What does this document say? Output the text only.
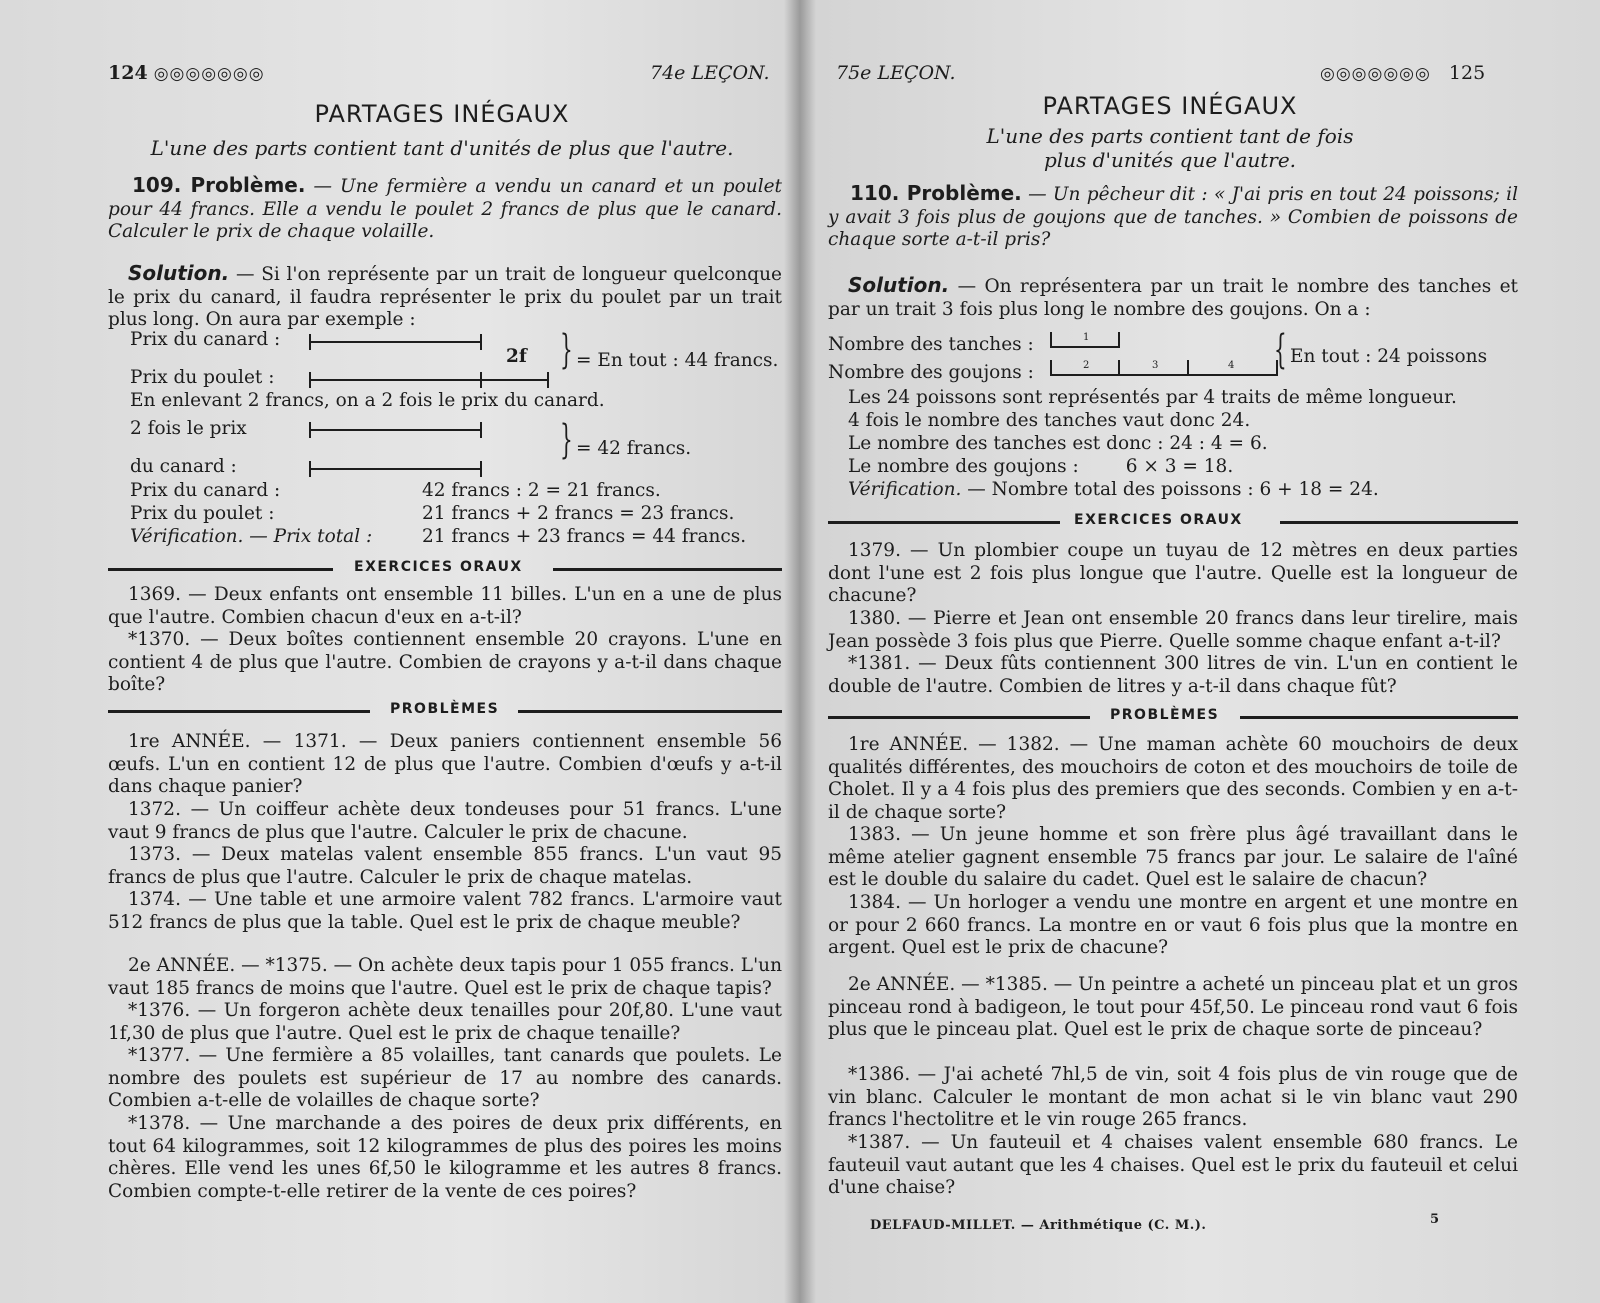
124 ◎◎◎◎◎◎◎	74e LEÇON.
PARTAGES INÉGAUX
L'une des parts contient tant d'unités de plus que l'autre.
109. Problème. — Une fermière a vendu un canard et un poulet pour 44 francs. Elle a vendu le poulet 2 francs de plus que le canard. Calculer le prix de chaque volaille.
Solution. — Si l'on représente par un trait de longueur quelconque le prix du canard, il faudra représenter le prix du poulet par un trait plus long. On aura par exemple :
Prix du canard :
2f } = En tout : 44 francs.
Prix du poulet :
En enlevant 2 francs, on a 2 fois le prix du canard.
2 fois le prix	} = 42 francs.
du canard :
Prix du canard :	42 francs : 2 = 21 francs.
Prix du poulet :	21 francs + 2 francs = 23 francs.
Vérification. — Prix total :	21 francs + 23 francs = 44 francs.
EXERCICES ORAUX
1369. — Deux enfants ont ensemble 11 billes. L'un en a une de plus que l'autre. Combien chacun d'eux en a-t-il?
*1370. — Deux boîtes contiennent ensemble 20 crayons. L'une en contient 4 de plus que l'autre. Combien de crayons y a-t-il dans chaque boîte?
PROBLÈMES
1re ANNÉE. — 1371. — Deux paniers contiennent ensemble 56 œufs. L'un en contient 12 de plus que l'autre. Combien d'œufs y a-t-il dans chaque panier?
1372. — Un coiffeur achète deux tondeuses pour 51 francs. L'une vaut 9 francs de plus que l'autre. Calculer le prix de chacune.
1373. — Deux matelas valent ensemble 855 francs. L'un vaut 95 francs de plus que l'autre. Calculer le prix de chaque matelas.
1374. — Une table et une armoire valent 782 francs. L'armoire vaut 512 francs de plus que la table. Quel est le prix de chaque meuble?
2e ANNÉE. — *1375. — On achète deux tapis pour 1 055 francs. L'un vaut 185 francs de moins que l'autre. Quel est le prix de chaque tapis?
*1376. — Un forgeron achète deux tenailles pour 20f,80. L'une vaut 1f,30 de plus que l'autre. Quel est le prix de chaque tenaille?
*1377. — Une fermière a 85 volailles, tant canards que poulets. Le nombre des poulets est supérieur de 17 au nombre des canards. Combien a-t-elle de volailles de chaque sorte?
*1378. — Une marchande a des poires de deux prix différents, en tout 64 kilogrammes, soit 12 kilogrammes de plus des poires les moins chères. Elle vend les unes 6f,50 le kilogramme et les autres 8 francs. Combien compte-t-elle retirer de la vente de ces poires?
75e LEÇON.	◎◎◎◎◎◎◎ 125
PARTAGES INÉGAUX
L'une des parts contient tant de fois
plus d'unités que l'autre.
110. Problème. — Un pêcheur dit : « J'ai pris en tout 24 poissons; il y avait 3 fois plus de goujons que de tanches. » Combien de poissons de chaque sorte a-t-il pris?
Solution. — On représentera par un trait le nombre des tanches et par un trait 3 fois plus long le nombre des goujons. On a :
Nombre des tanches :	1
Nombre des goujons :	2	3	4 { En tout : 24 poissons
Les 24 poissons sont représentés par 4 traits de même longueur.
4 fois le nombre des tanches vaut donc 24.
Le nombre des tanches est donc : 24 : 4 = 6.
Le nombre des goujons :        6 × 3 = 18.
Vérification. — Nombre total des poissons : 6 + 18 = 24.
EXERCICES ORAUX
1379. — Un plombier coupe un tuyau de 12 mètres en deux parties dont l'une est 2 fois plus longue que l'autre. Quelle est la longueur de chacune?
1380. — Pierre et Jean ont ensemble 20 francs dans leur tirelire, mais Jean possède 3 fois plus que Pierre. Quelle somme chaque enfant a-t-il?
*1381. — Deux fûts contiennent 300 litres de vin. L'un en contient le double de l'autre. Combien de litres y a-t-il dans chaque fût?
PROBLÈMES
1re ANNÉE. — 1382. — Une maman achète 60 mouchoirs de deux qualités différentes, des mouchoirs de coton et des mouchoirs de toile de Cholet. Il y a 4 fois plus des premiers que des seconds. Combien y en a-t-il de chaque sorte?
1383. — Un jeune homme et son frère plus âgé travaillant dans le même atelier gagnent ensemble 75 francs par jour. Le salaire de l'aîné est le double du salaire du cadet. Quel est le salaire de chacun?
1384. — Un horloger a vendu une montre en argent et une montre en or pour 2 660 francs. La montre en or vaut 6 fois plus que la montre en argent. Quel est le prix de chacune?
2e ANNÉE. — *1385. — Un peintre a acheté un pinceau plat et un gros pinceau rond à badigeon, le tout pour 45f,50. Le pinceau rond vaut 6 fois plus que le pinceau plat. Quel est le prix de chaque sorte de pinceau?
*1386. — J'ai acheté 7hl,5 de vin, soit 4 fois plus de vin rouge que de vin blanc. Calculer le montant de mon achat si le vin blanc vaut 290 francs l'hectolitre et le vin rouge 265 francs.
*1387. — Un fauteuil et 4 chaises valent ensemble 680 francs. Le fauteuil vaut autant que les 4 chaises. Quel est le prix du fauteuil et celui d'une chaise?
DELFAUD-MILLET. — Arithmétique (C. M.).	5
